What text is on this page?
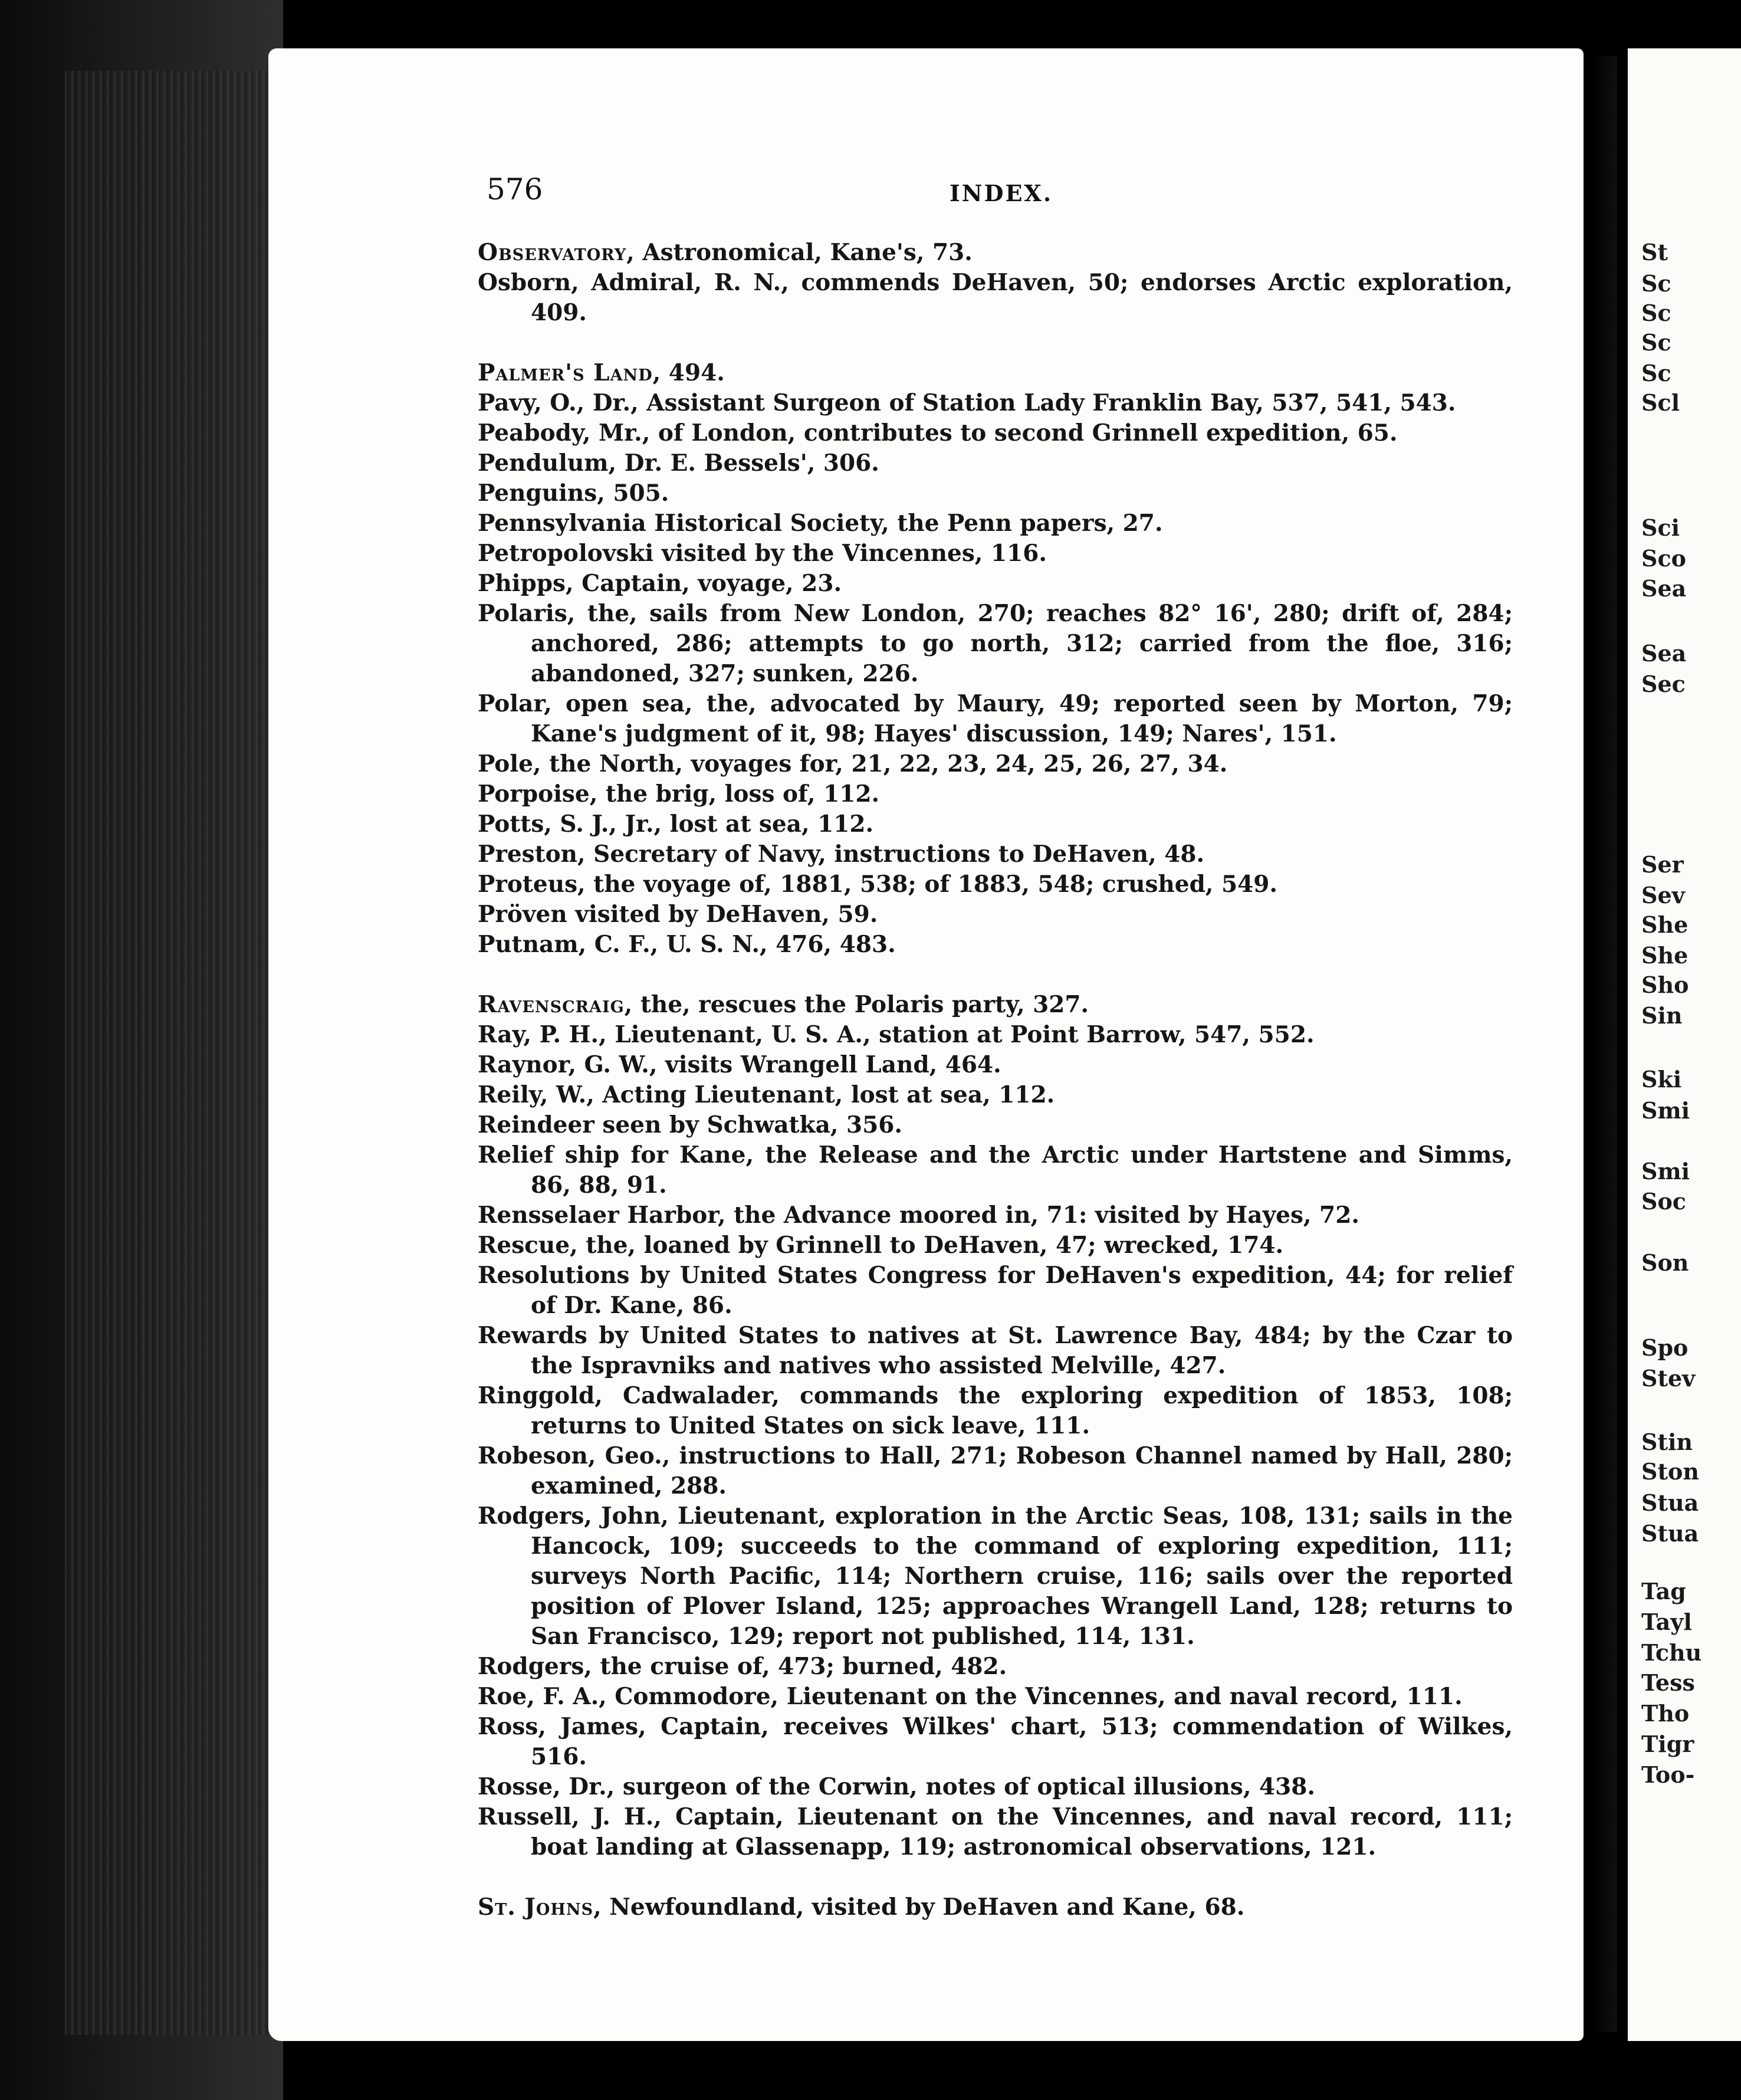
576	INDEX.
Observatory, Astronomical, Kane's, 73.
Osborn, Admiral, R. N., commends DeHaven, 50; endorses Arctic exploration, 409.
Palmer's Land, 494.
Pavy, O., Dr., Assistant Surgeon of Station Lady Franklin Bay, 537, 541, 543.
Peabody, Mr., of London, contributes to second Grinnell expedition, 65.
Pendulum, Dr. E. Bessels', 306.
Penguins, 505.
Pennsylvania Historical Society, the Penn papers, 27.
Petropolovski visited by the Vincennes, 116.
Phipps, Captain, voyage, 23.
Polaris, the, sails from New London, 270; reaches 82° 16', 280; drift of, 284; anchored, 286; attempts to go north, 312; carried from the floe, 316; abandoned, 327; sunken, 226.
Polar, open sea, the, advocated by Maury, 49; reported seen by Morton, 79; Kane's judgment of it, 98; Hayes' discussion, 149; Nares', 151.
Pole, the North, voyages for, 21, 22, 23, 24, 25, 26, 27, 34.
Porpoise, the brig, loss of, 112.
Potts, S. J., Jr., lost at sea, 112.
Preston, Secretary of Navy, instructions to DeHaven, 48.
Proteus, the voyage of, 1881, 538; of 1883, 548; crushed, 549.
Pröven visited by DeHaven, 59.
Putnam, C. F., U. S. N., 476, 483.
Ravenscraig, the, rescues the Polaris party, 327.
Ray, P. H., Lieutenant, U. S. A., station at Point Barrow, 547, 552.
Raynor, G. W., visits Wrangell Land, 464.
Reily, W., Acting Lieutenant, lost at sea, 112.
Reindeer seen by Schwatka, 356.
Relief ship for Kane, the Release and the Arctic under Hartstene and Simms, 86, 88, 91.
Rensselaer Harbor, the Advance moored in, 71: visited by Hayes, 72.
Rescue, the, loaned by Grinnell to DeHaven, 47; wrecked, 174.
Resolutions by United States Congress for DeHaven's expedition, 44; for relief of Dr. Kane, 86.
Rewards by United States to natives at St. Lawrence Bay, 484; by the Czar to the Ispravniks and natives who assisted Melville, 427.
Ringgold, Cadwalader, commands the exploring expedition of 1853, 108; returns to United States on sick leave, 111.
Robeson, Geo., instructions to Hall, 271; Robeson Channel named by Hall, 280; examined, 288.
Rodgers, John, Lieutenant, exploration in the Arctic Seas, 108, 131; sails in the Hancock, 109; succeeds to the command of exploring expedition, 111; surveys North Pacific, 114; Northern cruise, 116; sails over the reported position of Plover Island, 125; approaches Wrangell Land, 128; returns to San Francisco, 129; report not published, 114, 131.
Rodgers, the cruise of, 473; burned, 482.
Roe, F. A., Commodore, Lieutenant on the Vincennes, and naval record, 111.
Ross, James, Captain, receives Wilkes' chart, 513; commendation of Wilkes, 516.
Rosse, Dr., surgeon of the Corwin, notes of optical illusions, 438.
Russell, J. H., Captain, Lieutenant on the Vincennes, and naval record, 111; boat landing at Glassenapp, 119; astronomical observations, 121.
St. Johns, Newfoundland, visited by DeHaven and Kane, 68.
St
Sc
Sc
Sc
Sc
Scl
Sci
Sco
Sea
Sea
Sec
Ser
Sev
She
She
Sho
Sin
Ski
Smi
Smi
Soc
Son
Spo
Stev
Stin
Ston
Stua
Stua
Tag
Tayl
Tchu
Tess
Tho
Tigr
Too-
